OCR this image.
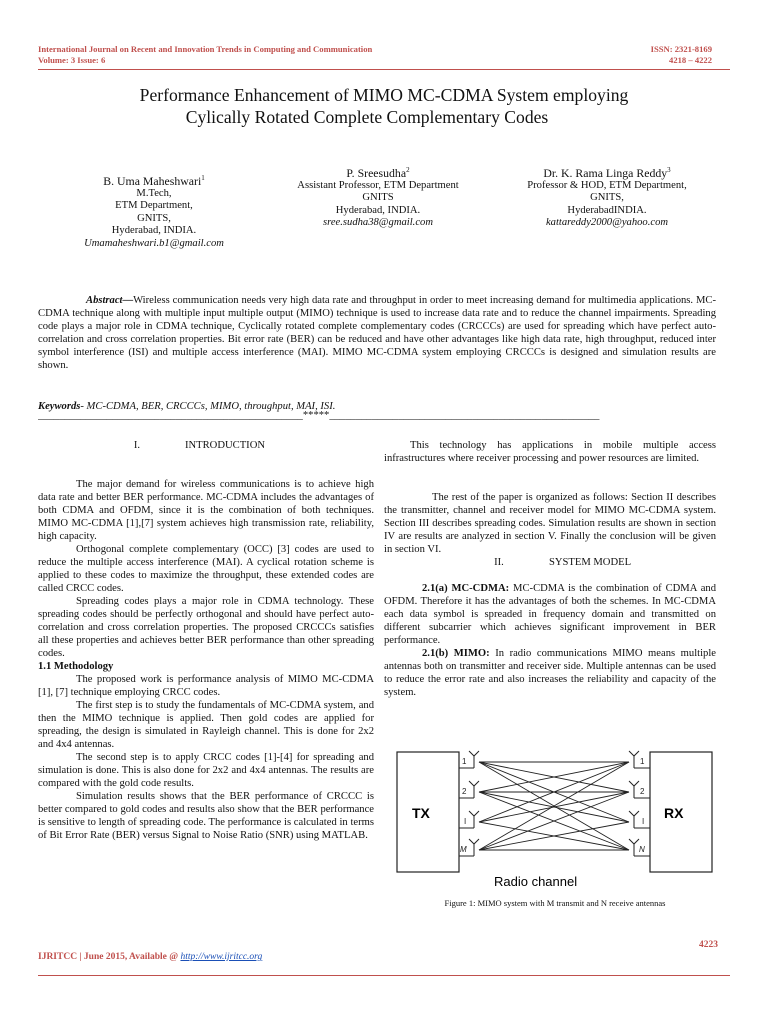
International Journal on Recent and Innovation Trends in Computing and Communication
Volume: 3 Issue: 6
ISSN: 2321-8169
4218 – 4222
Performance Enhancement of MIMO MC-CDMA System employing
Cylically Rotated Complete Complementary Codes
B. Uma Maheshwari$^1$
M.Tech,
ETM Department,
GNITS,
Hyderabad, INDIA.
Umamaheshwari.b1@gmail.com
P. Sreesudha$^2$
Assistant Professor, ETM Department
GNITS
Hyderabad, INDIA.
sree.sudha38@gmail.com
Dr. K. Rama Linga Reddy$^3$
Professor & HOD, ETM Department,
GNITS,
HyderabadINDIA.
kattareddy2000@yahoo.com
Abstract—Wireless communication needs very high data rate and throughput in order to meet increasing demand for multimedia applications. MC-CDMA technique along with multiple input multiple output (MIMO) technique is used to increase data rate and to reduce the channel impairments. Spreading code plays a major role in CDMA technique, Cyclically rotated complete complementary codes (CRCCCs) are used for spreading which have perfect auto-correlation and cross correlation properties. Bit error rate (BER) can be reduced and have other advantages like high data rate, high throughput, reduced inter symbol interference (ISI) and multiple access interference (MAI). MIMO MC-CDMA system employing CRCCCs is designed and simulation results are shown.
Keywords- MC-CDMA, BER, CRCCCs, MIMO, throughput, MAI, ISI.
__________________________________________________*****___________________________________________________

I.	INTRODUCTION

The major demand for wireless communications is to achieve high data rate and better BER performance. MC-CDMA includes the advantages of both CDMA and OFDM, since it is the combination of both techniques. MIMO MC-CDMA [1],[7] system achieves high transmission rate, reliability, high capacity.

Orthogonal complete complementary (OCC) [3] codes are used to reduce the multiple access interference (MAI). A cyclical rotation scheme is applied to these codes to maximize the throughput, these extended codes are called CRCC codes.

Spreading codes plays a major role in CDMA technology. These spreading codes should be perfectly orthogonal and should have perfect auto-correlation and cross correlation properties. The proposed CRCCCs satisfies all these properties and achieves better BER performance than other spreading codes.

1.1 Methodology

The proposed work is performance analysis of MIMO MC-CDMA [1], [7] technique employing CRCC codes.

The first step is to study the fundamentals of MC-CDMA system, and then the MIMO technique is applied. Then gold codes are applied for spreading, the design is simulated in Rayleigh channel. This is done for 2x2 and 4x4 antennas.

The second step is to apply CRCC codes [1]-[4] for spreading and simulation is done. This is also done for 2x2 and 4x4 antennas. The results are compared with the gold code results.

Simulation results shows that the BER performance of CRCCC is better compared to gold codes and results also show that the BER performance is sensitive to length of spreading code. The performance is calculated in terms of Bit Error Rate (BER) versus Signal to Noise Ratio (SNR) using MATLAB.

This technology has applications in mobile multiple access infrastructures where receiver processing and power resources are limited.

The rest of the paper is organized as follows: Section II describes the transmitter, channel and receiver model for MIMO MC-CDMA system. Section III describes spreading codes. Simulation results are shown in section IV are results are analyzed in section V. Finally the conclusion will be given in section VI.

II.	SYSTEM MODEL

2.1(a) MC-CDMA: MC-CDMA is the combination of CDMA and OFDM. Therefore it has the advantages of both the schemes. In MC-CDMA each data symbol is spreaded in frequency domain and transmitted on different subcarrier which achieves significant improvement in BER performance.

2.1(b) MIMO: In radio communications MIMO means multiple antennas both on transmitter and receiver side. Multiple antennas can be used to reduce the error rate and also increases the reliability and capacity of the system.

TX	RX
1
2
I
M
1
2
I
N
Radio channel
Figure 1: MIMO system with M transmit and N receive antennas
4223
IJRITCC | June 2015, Available @ http://www.ijritcc.org
